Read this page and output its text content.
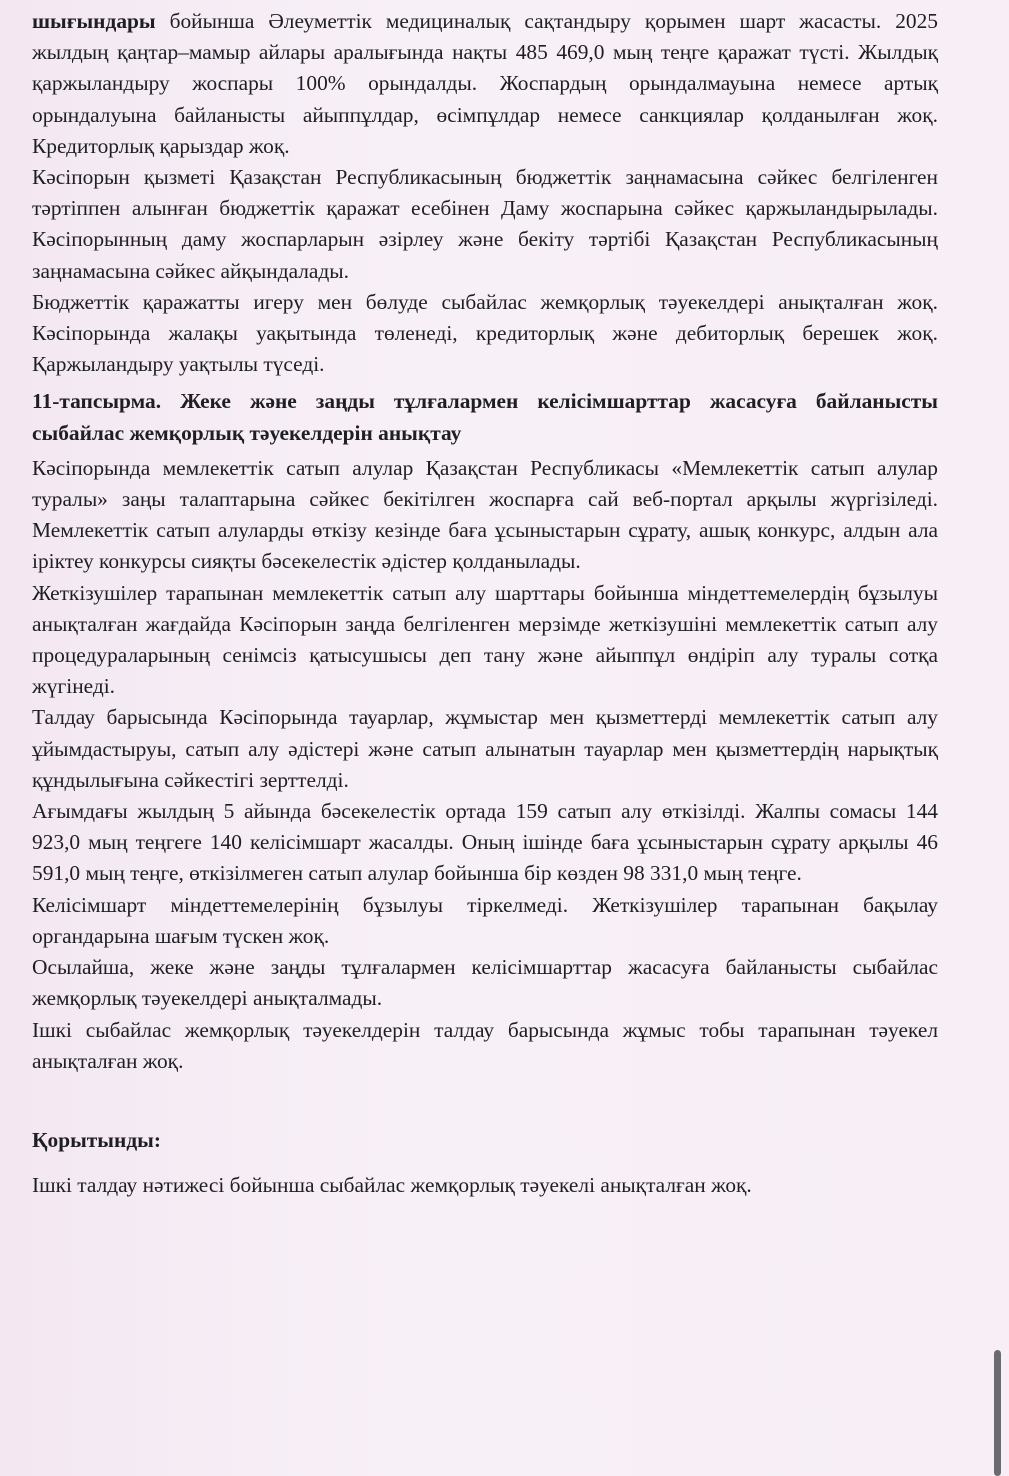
шығындары бойынша Әлеуметтік медициналық сақтандыру қорымен шарт жасасты. 2025 жылдың қаңтар–мамыр айлары аралығында нақты 485 469,0 мың теңге қаражат түсті. Жылдық қаржыландыру жоспары 100% орындалды. Жоспардың орындалмауына немесе артық орындалуына байланысты айыппұлдар, өсімпұлдар немесе санкциялар қолданылған жоқ. Кредиторлық қарыздар жоқ.

Кәсіпорын қызметі Қазақстан Республикасының бюджеттік заңнамасына сәйкес белгіленген тәртіппен алынған бюджеттік қаражат есебінен Даму жоспарына сәйкес қаржыландырылады. Кәсіпорынның даму жоспарларын әзірлеу және бекіту тәртібі Қазақстан Республикасының заңнамасына сәйкес айқындалады.

Бюджеттік қаражатты игеру мен бөлуде сыбайлас жемқорлық тәуекелдері анықталған жоқ. Кәсіпорында жалақы уақытында төленеді, кредиторлық және дебиторлық берешек жоқ. Қаржыландыру уақтылы түседі.

11-тапсырма. Жеке және заңды тұлғалармен келісімшарттар жасасуға байланысты сыбайлас жемқорлық тәуекелдерін анықтау

Кәсіпорында мемлекеттік сатып алулар Қазақстан Республикасы «Мемлекеттік сатып алулар туралы» заңы талаптарына сәйкес бекітілген жоспарға сай веб-портал арқылы жүргізіледі. Мемлекеттік сатып алуларды өткізу кезінде баға ұсыныстарын сұрату, ашық конкурс, алдын ала іріктеу конкурсы сияқты бәсекелестік әдістер қолданылады.

Жеткізушілер тарапынан мемлекеттік сатып алу шарттары бойынша міндеттемелердің бұзылуы анықталған жағдайда Кәсіпорын заңда белгіленген мерзімде жеткізушіні мемлекеттік сатып алу процедураларының сенімсіз қатысушысы деп тану және айыппұл өндіріп алу туралы сотқа жүгінеді.

Талдау барысында Кәсіпорында тауарлар, жұмыстар мен қызметтерді мемлекеттік сатып алу ұйымдастыруы, сатып алу әдістері және сатып алынатын тауарлар мен қызметтердің нарықтық құндылығына сәйкестігі зерттелді.

Ағымдағы жылдың 5 айында бәсекелестік ортада 159 сатып алу өткізілді. Жалпы сомасы 144 923,0 мың теңгеге 140 келісімшарт жасалды. Оның ішінде баға ұсыныстарын сұрату арқылы 46 591,0 мың теңге, өткізілмеген сатып алулар бойынша бір көзден 98 331,0 мың теңге.

Келісімшарт міндеттемелерінің бұзылуы тіркелмеді. Жеткізушілер тарапынан бақылау органдарына шағым түскен жоқ.

Осылайша, жеке және заңды тұлғалармен келісімшарттар жасасуға байланысты сыбайлас жемқорлық тәуекелдері анықталмады.

Ішкі сыбайлас жемқорлық тәуекелдерін талдау барысында жұмыс тобы тарапынан тәуекел анықталған жоқ.

Қорытынды:

Ішкі талдау нәтижесі бойынша сыбайлас жемқорлық тәуекелі анықталған жоқ.
